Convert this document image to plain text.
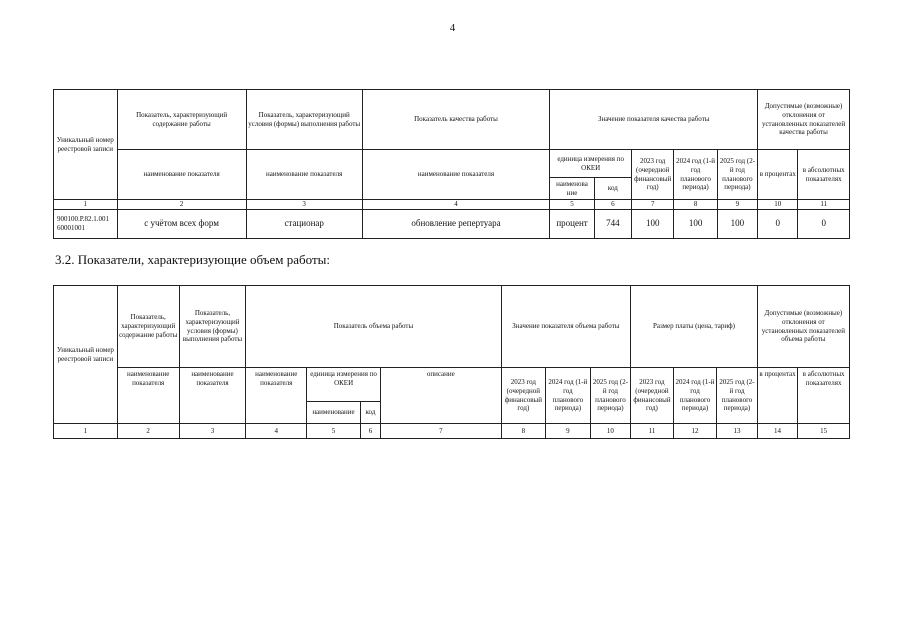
4
Уникальный номер реестровой записи	Показатель, характеризующий содержание работы	Показатель, характеризующий условия (формы) выполнения работы	Показатель качества работы	Значение показателя качества работы					Допустимые (возможные) отклонения от установленных показателей качества работы	
	наименование показателя	наименование показателя	наименование показателя	единица измерения по ОКЕИ		2023 год (очередной финансовый год)	2024 год (1-й год планового периода)	2025 год (2-й год планового периода)	в процентах	в абсолютных показателях
				наименова ние	код					
1	2	3	4	5	6	7	8	9	10	11
900100.Р.82.1.001 60001001	с учётом всех форм	стационар	обновление репертуара	процент	744	100	100	100	0	0
3.2. Показатели, характеризующие объем работы:
Уникальный номер реестровой записи	Показатель, характеризующий содержание работы	Показатель, характеризующий условия (формы) выполнения работы	Показатель объема работы				Значение показателя объема работы			Размер платы (цена, тариф)			Допустимые (возможные) отклонения от установленных показателей объема работы	
	наименование показателя	наименование показателя	наименование показателя	единица измерения по ОКЕИ		описание	2023 год (очередной финансовый год)	2024 год (1-й год планового периода)	2025 год (2-й год планового периода)	2023 год (очередной финансовый год)	2024 год (1-й год планового периода)	2025 год (2-й год планового периода)	в процентах	в абсолютных показателях
				наименование	код									
1	2	3	4	5	6	7	8	9	10	11	12	13	14	15
